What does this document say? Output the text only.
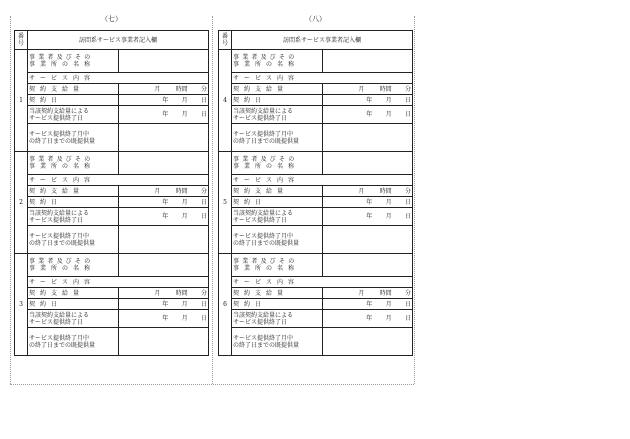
（七）
番号	訪問系サービス事業者記入欄	
1	事業者及びその
事業所の名称	
	サービス内容	
	契約支給量	月 時間 分
	契約日	年 月 日
	当該契約支給量による
サービス提供終了日	年 月 日
	サービス提供終了月中
の終了日までの既提供量	
2	事業者及びその
事業所の名称	
	サービス内容	
	契約支給量	月 時間 分
	契約日	年 月 日
	当該契約支給量による
サービス提供終了日	年 月 日
	サービス提供終了月中
の終了日までの既提供量	
3	事業者及びその
事業所の名称	
	サービス内容	
	契約支給量	月 時間 分
	契約日	年 月 日
	当該契約支給量による
サービス提供終了日	年 月 日
	サービス提供終了月中
の終了日までの既提供量	
（八）
番号	訪問系サービス事業者記入欄	
4	事業者及びその
事業所の名称	
	サービス内容	
	契約支給量	月 時間 分
	契約日	年 月 日
	当該契約支給量による
サービス提供終了日	年 月 日
	サービス提供終了月中
の終了日までの既提供量	
5	事業者及びその
事業所の名称	
	サービス内容	
	契約支給量	月 時間 分
	契約日	年 月 日
	当該契約支給量による
サービス提供終了日	年 月 日
	サービス提供終了月中
の終了日までの既提供量	
6	事業者及びその
事業所の名称	
	サービス内容	
	契約支給量	月 時間 分
	契約日	年 月 日
	当該契約支給量による
サービス提供終了日	年 月 日
	サービス提供終了月中
の終了日までの既提供量	
